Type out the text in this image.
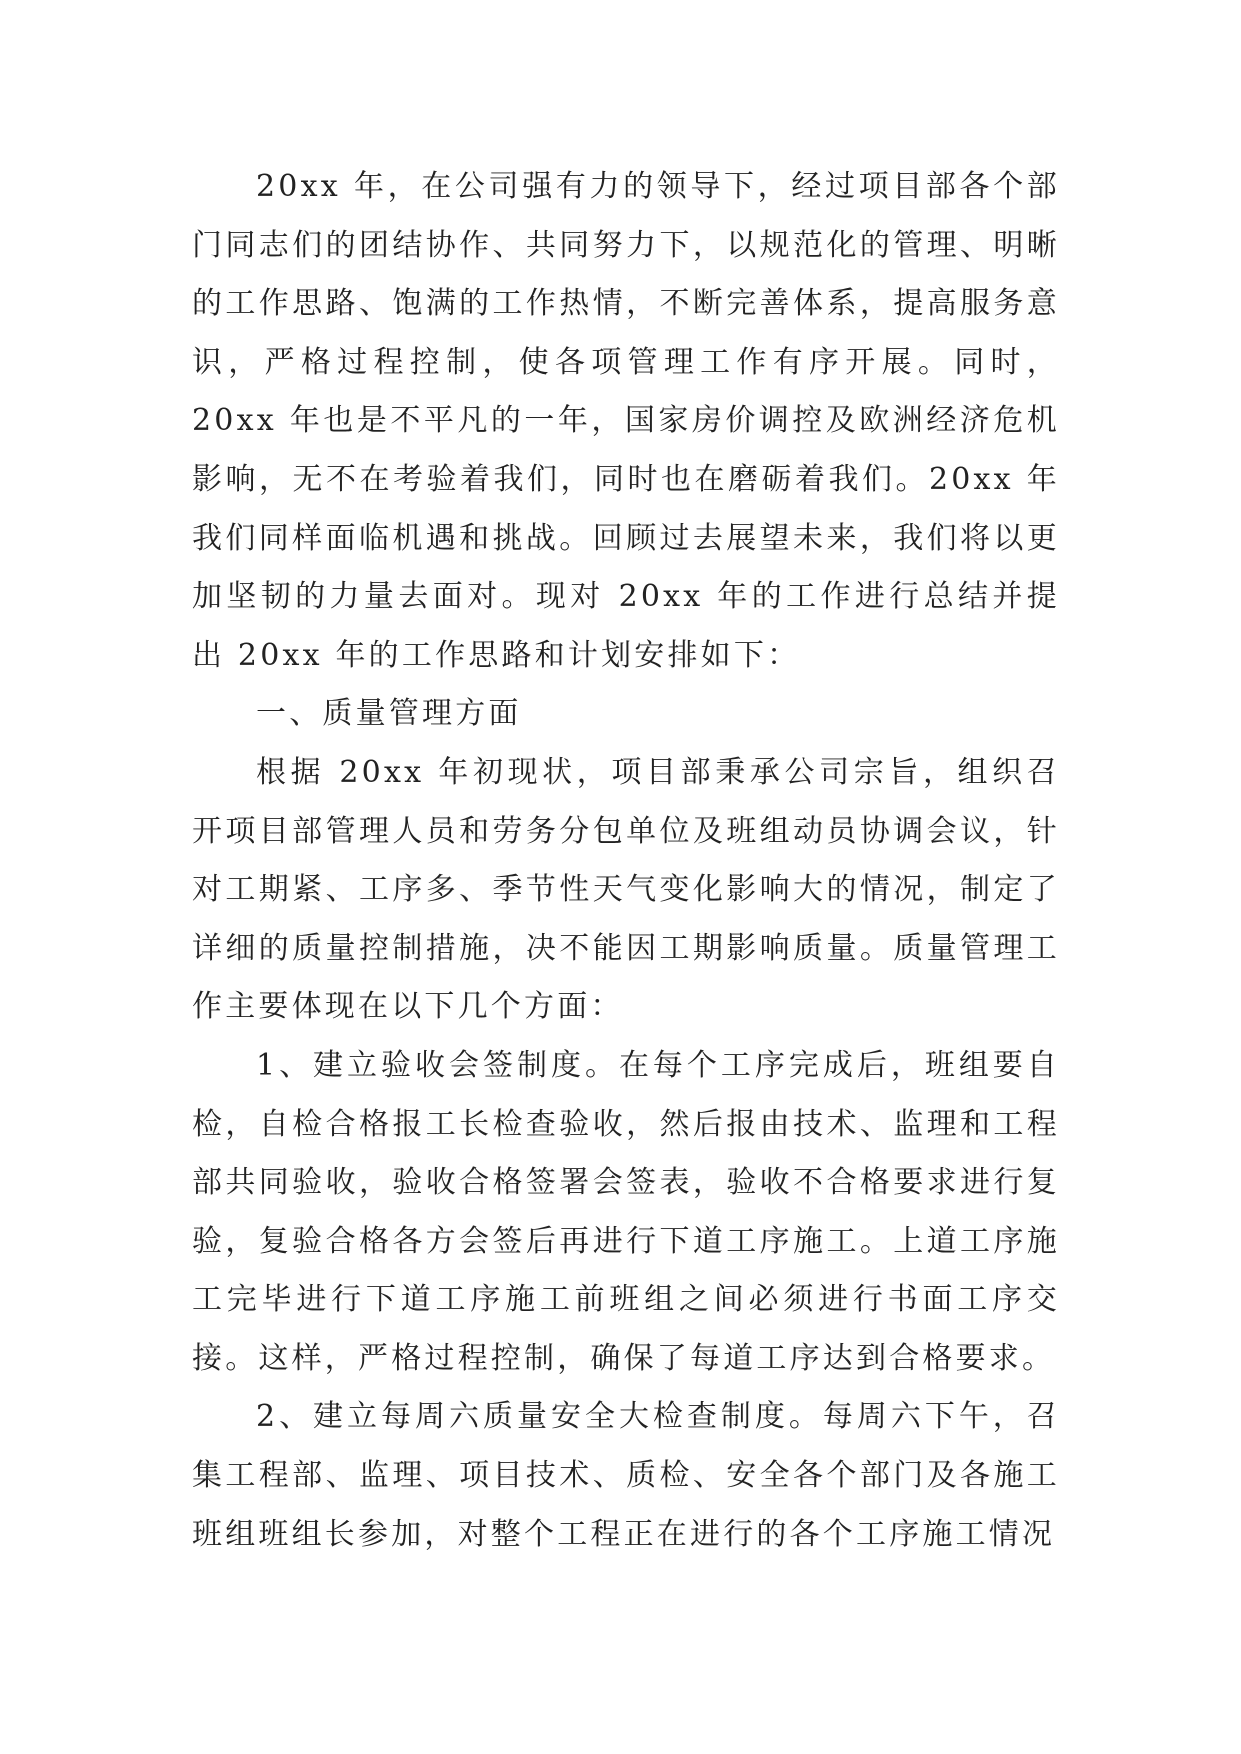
20xx 年，在公司强有力的领导下，经过项目部各个部门同志们的团结协作、共同努力下，以规范化的管理、明晰的工作思路、饱满的工作热情，不断完善体系，提高服务意识，严格过程控制，使各项管理工作有序开展。同时，20xx 年也是不平凡的一年，国家房价调控及欧洲经济危机影响，无不在考验着我们，同时也在磨砺着我们。20xx 年我们同样面临机遇和挑战。回顾过去展望未来，我们将以更加坚韧的力量去面对。现对 20xx 年的工作进行总结并提出 20xx 年的工作思路和计划安排如下：

一、质量管理方面

根据 20xx 年初现状，项目部秉承公司宗旨，组织召开项目部管理人员和劳务分包单位及班组动员协调会议，针对工期紧、工序多、季节性天气变化影响大的情况，制定了详细的质量控制措施，决不能因工期影响质量。质量管理工作主要体现在以下几个方面：

1、建立验收会签制度。在每个工序完成后，班组要自检，自检合格报工长检查验收，然后报由技术、监理和工程部共同验收，验收合格签署会签表，验收不合格要求进行复验，复验合格各方会签后再进行下道工序施工。上道工序施工完毕进行下道工序施工前班组之间必须进行书面工序交接。这样，严格过程控制，确保了每道工序达到合格要求。

2、建立每周六质量安全大检查制度。每周六下午，召集工程部、监理、项目技术、质检、安全各个部门及各施工班组班组长参加，对整个工程正在进行的各个工序施工情况
